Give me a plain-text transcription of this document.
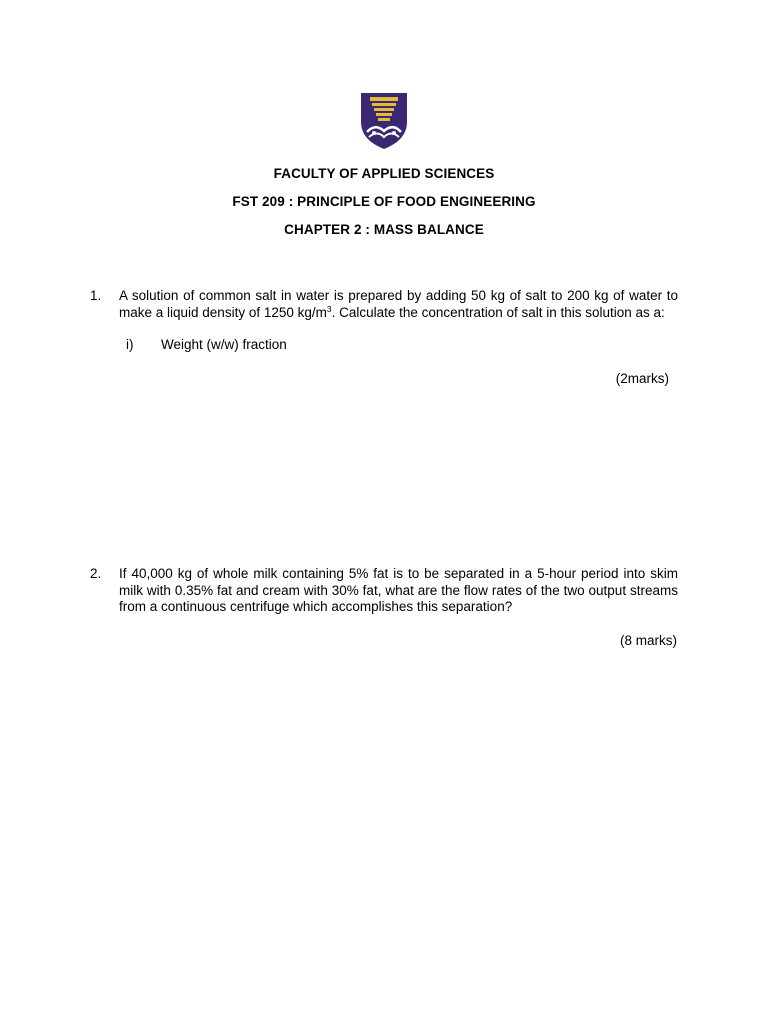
FACULTY OF APPLIED SCIENCES
FST 209 : PRINCIPLE OF FOOD ENGINEERING
CHAPTER 2 : MASS BALANCE
1. A solution of common salt in water is prepared by adding 50 kg of salt to 200 kg of water to make a liquid density of 1250 $kg/m^3$. Calculate the concentration of salt in this solution as a:
i) Weight (w/w) fraction
(2marks)
2. If 40,000 kg of whole milk containing 5% fat is to be separated in a 5-hour period into skim milk with 0.35% fat and cream with 30% fat, what are the flow rates of the two output streams from a continuous centrifuge which accomplishes this separation?
(8 marks)
